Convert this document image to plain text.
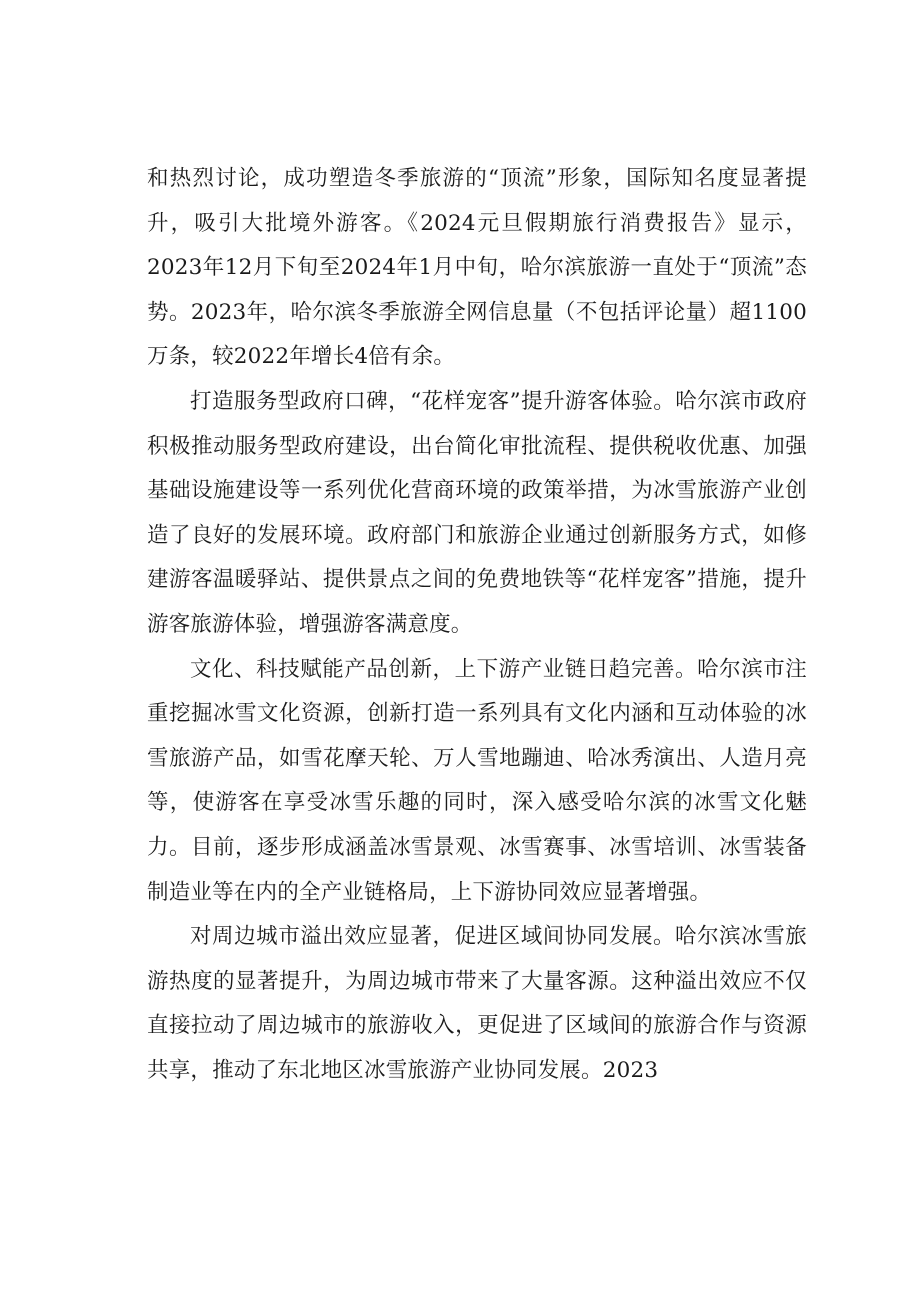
和热烈讨论，成功塑造冬季旅游的“顶流”形象，国际知名度显著提升，吸引大批境外游客。《2024元旦假期旅行消费报告》显示，2023年12月下旬至2024年1月中旬，哈尔滨旅游一直处于“顶流”态势。2023年，哈尔滨冬季旅游全网信息量（不包括评论量）超1100万条，较2022年增长4倍有余。

打造服务型政府口碑，“花样宠客”提升游客体验。哈尔滨市政府积极推动服务型政府建设，出台简化审批流程、提供税收优惠、加强基础设施建设等一系列优化营商环境的政策举措，为冰雪旅游产业创造了良好的发展环境。政府部门和旅游企业通过创新服务方式，如修建游客温暖驿站、提供景点之间的免费地铁等“花样宠客”措施，提升游客旅游体验，增强游客满意度。

文化、科技赋能产品创新，上下游产业链日趋完善。哈尔滨市注重挖掘冰雪文化资源，创新打造一系列具有文化内涵和互动体验的冰雪旅游产品，如雪花摩天轮、万人雪地蹦迪、哈冰秀演出、人造月亮等，使游客在享受冰雪乐趣的同时，深入感受哈尔滨的冰雪文化魅力。目前，逐步形成涵盖冰雪景观、冰雪赛事、冰雪培训、冰雪装备制造业等在内的全产业链格局，上下游协同效应显著增强。

对周边城市溢出效应显著，促进区域间协同发展。哈尔滨冰雪旅游热度的显著提升，为周边城市带来了大量客源。这种溢出效应不仅直接拉动了周边城市的旅游收入，更促进了区域间的旅游合作与资源共享，推动了东北地区冰雪旅游产业协同发展。2023
